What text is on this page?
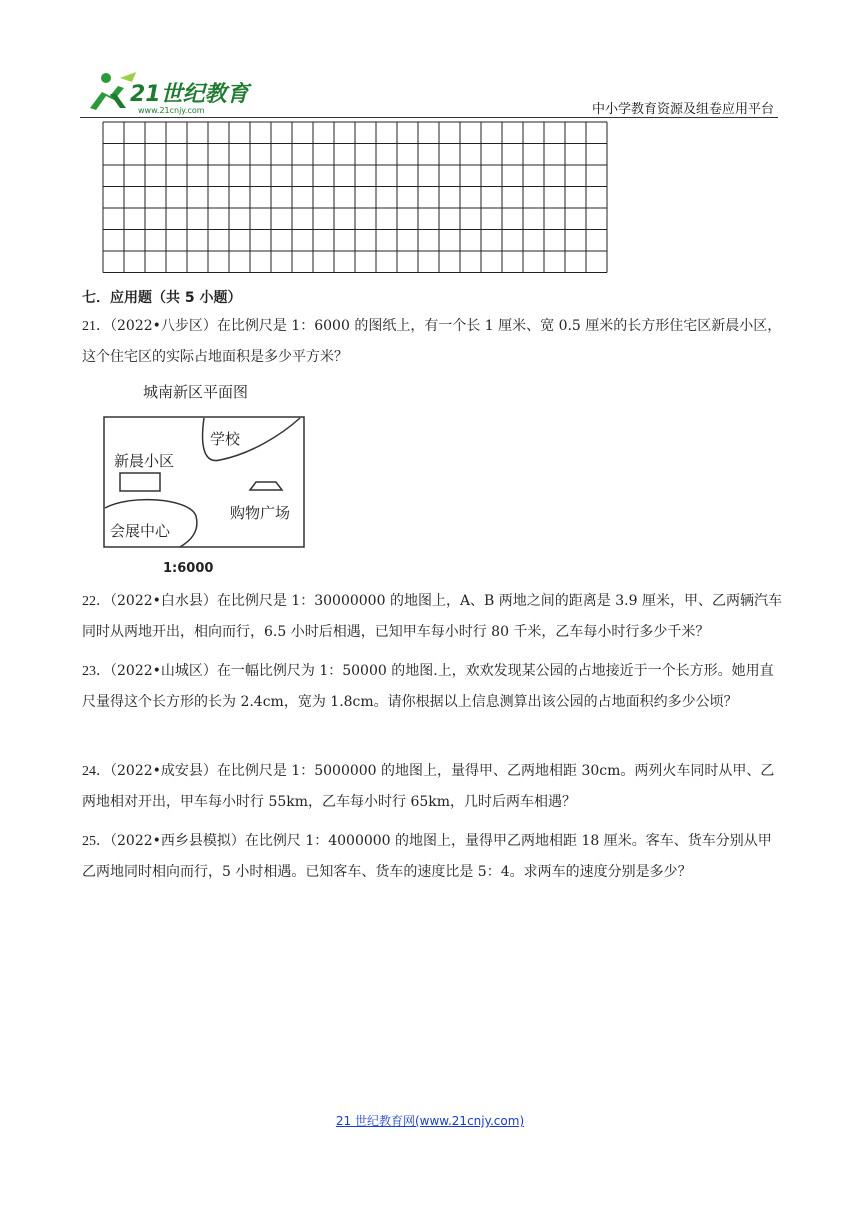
21世纪教育
www.21cnjy.com	中小学教育资源及组卷应用平台
七．应用题（共 5 小题）
21．（2022•八步区）在比例尺是 1：6000 的图纸上，有一个长 1 厘米、宽 0.5 厘米的长方形住宅区新晨小区，这个住宅区的实际占地面积是多少平方米？
城南新区平面图
学校
新晨小区
购物广场
会展中心
1:6000
22．（2022•白水县）在比例尺是 1：30000000 的地图上，A、B 两地之间的距离是 3.9 厘米，甲、乙两辆汽车同时从两地开出，相向而行，6.5 小时后相遇，已知甲车每小时行 80 千米，乙车每小时行多少千米？
23．（2022•山城区）在一幅比例尺为 1：50000 的地图.上，欢欢发现某公园的占地接近于一个长方形。她用直尺量得这个长方形的长为 2.4cm，宽为 1.8cm。请你根据以上信息测算出该公园的占地面积约多少公顷？
24．（2022•成安县）在比例尺是 1：5000000 的地图上，量得甲、乙两地相距 30cm。两列火车同时从甲、乙两地相对开出，甲车每小时行 55km，乙车每小时行 65km，几时后两车相遇？
25．（2022•西乡县模拟）在比例尺 1：4000000 的地图上，量得甲乙两地相距 18 厘米。客车、货车分别从甲乙两地同时相向而行，5 小时相遇。已知客车、货车的速度比是 5：4。求两车的速度分别是多少？
21 世纪教育网(www.21cnjy.com)
